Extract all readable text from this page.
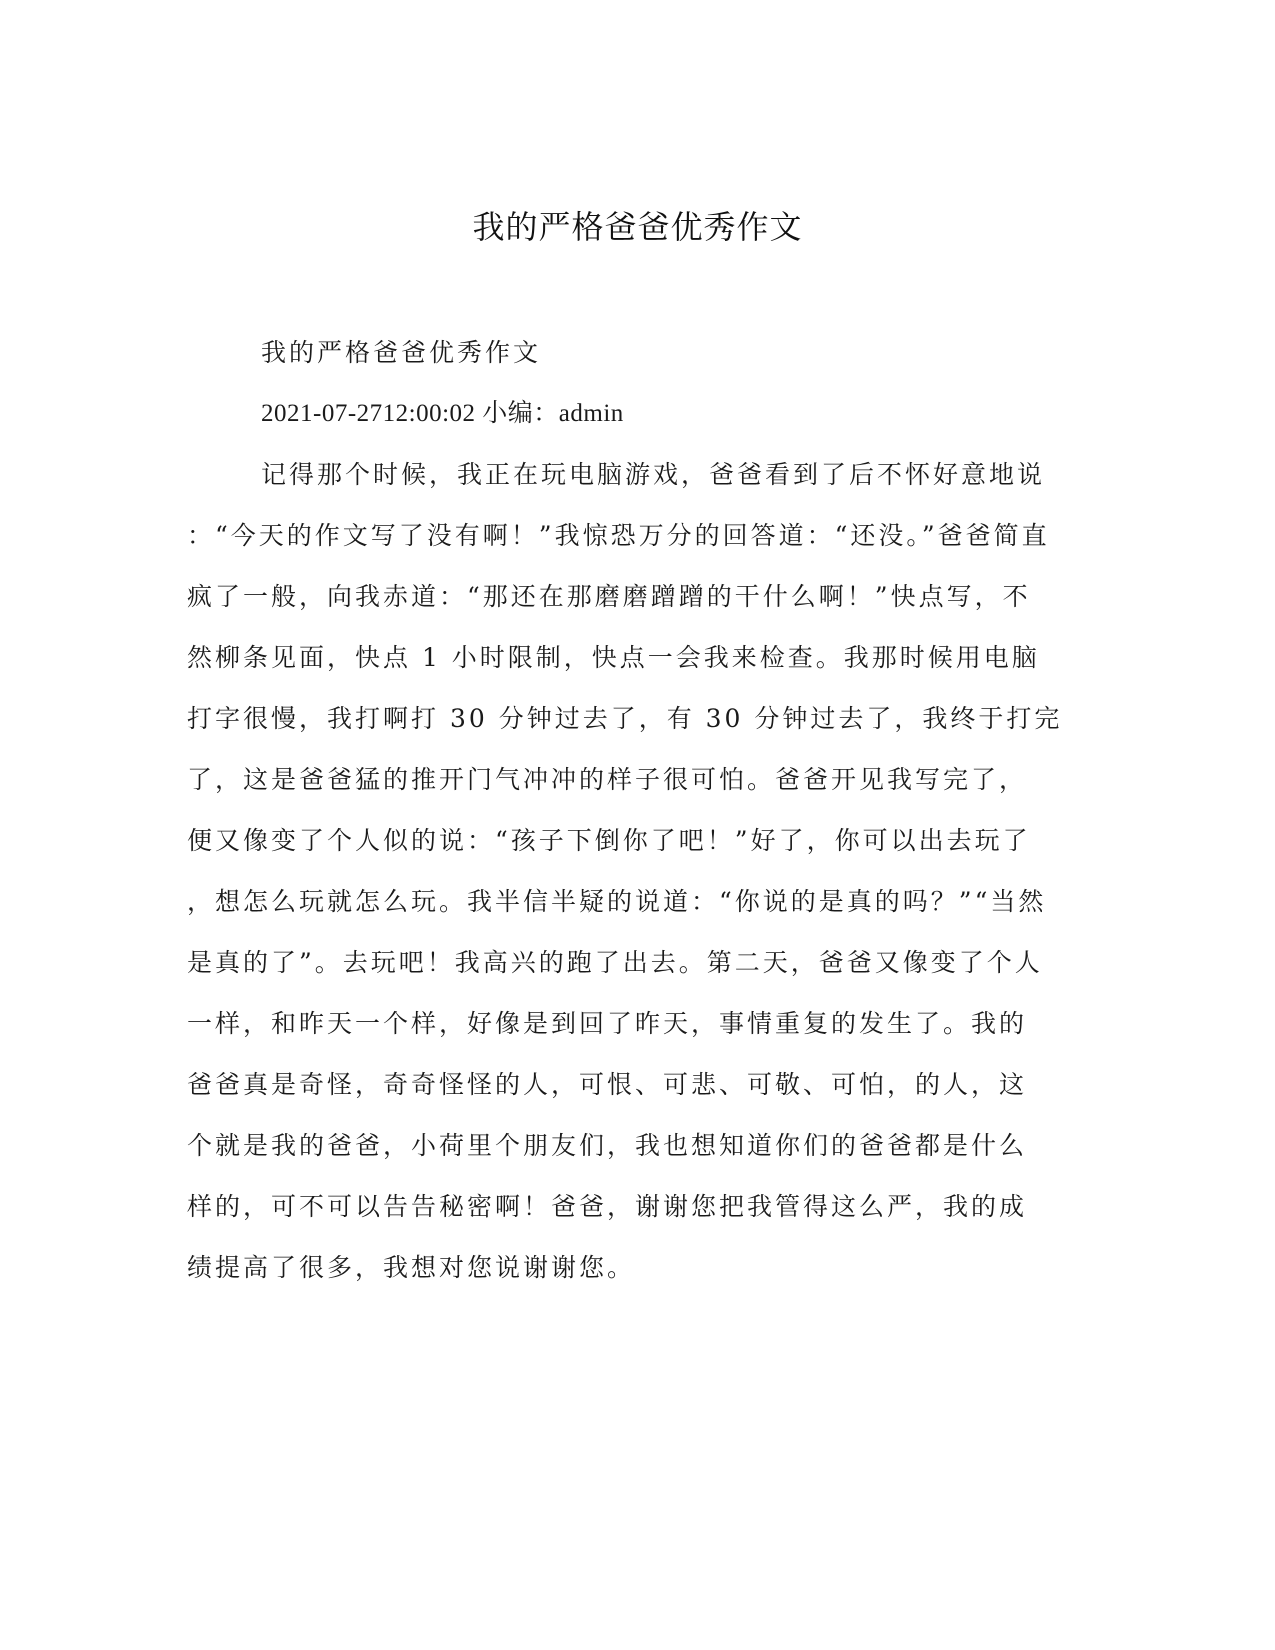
我的严格爸爸优秀作文
我的严格爸爸优秀作文
2021-07-2712:00:02 小编：admin
记得那个时候，我正在玩电脑游戏，爸爸看到了后不怀好意地说
：“今天的作文写了没有啊！”我惊恐万分的回答道：“还没。”爸爸简直
疯了一般，向我赤道：“那还在那磨磨蹭蹭的干什么啊！”快点写，不
然柳条见面，快点 1 小时限制，快点一会我来检查。我那时候用电脑
打字很慢，我打啊打 30 分钟过去了，有 30 分钟过去了，我终于打完
了，这是爸爸猛的推开门气冲冲的样子很可怕。爸爸开见我写完了，
便又像变了个人似的说：“孩子下倒你了吧！”好了，你可以出去玩了
，想怎么玩就怎么玩。我半信半疑的说道：“你说的是真的吗？”“当然
是真的了”。去玩吧！我高兴的跑了出去。第二天，爸爸又像变了个人
一样，和昨天一个样，好像是到回了昨天，事情重复的发生了。我的
爸爸真是奇怪，奇奇怪怪的人，可恨、可悲、可敬、可怕，的人，这
个就是我的爸爸，小荷里个朋友们，我也想知道你们的爸爸都是什么
样的，可不可以告告秘密啊！爸爸，谢谢您把我管得这么严，我的成
绩提高了很多，我想对您说谢谢您。
